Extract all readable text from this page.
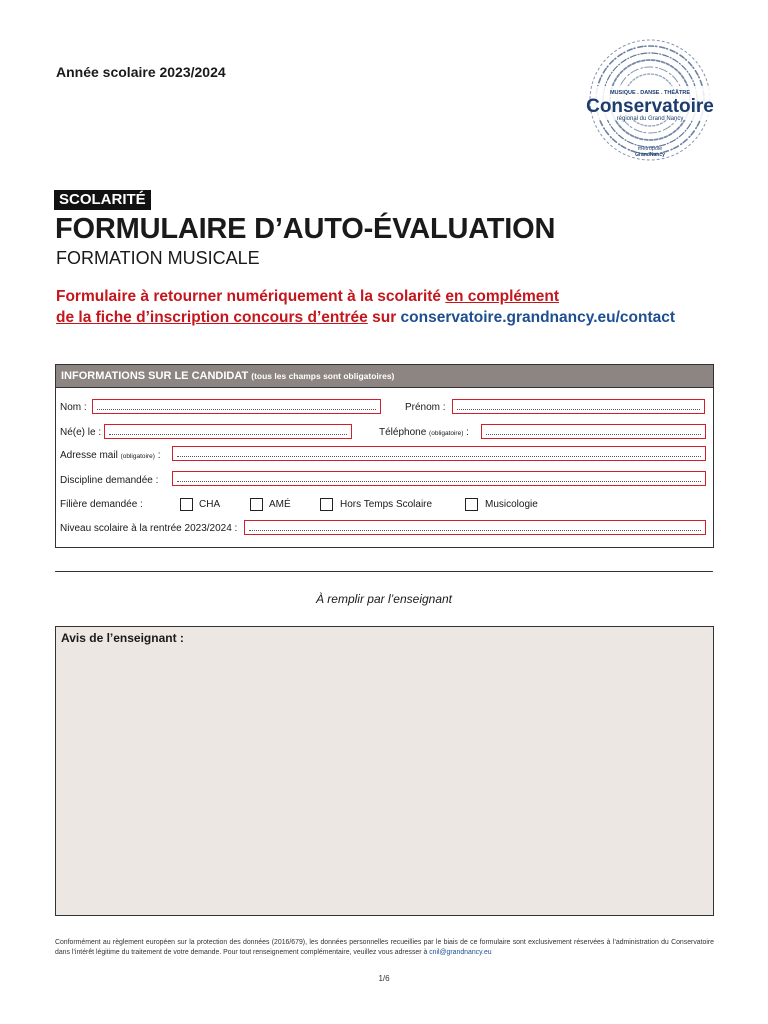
Année scolaire 2023/2024
MUSIQUE . DANSE . THÉÂTRE
Conservatoire
régional du Grand Nancy
métropole
GrandNancy
SCOLARITÉ
FORMULAIRE D’AUTO-ÉVALUATION
FORMATION MUSICALE
Formulaire à retourner numériquement à la scolarité en complément
de la fiche d’inscription concours d’entrée sur conservatoire.grandnancy.eu/contact
INFORMATIONS SUR LE CANDIDAT (tous les champs sont obligatoires)
Nom :	Prénom :
Né(e) le :	Téléphone (obligatoire) :
Adresse mail (obligatoire) :
Discipline demandée :
Filière demandée :	CHA	AMÉ	Hors Temps Scolaire	Musicologie
Niveau scolaire à la rentrée 2023/2024 :
À remplir par l’enseignant
Avis de l’enseignant :
Conformément au règlement européen sur la protection des données (2016/679), les données personnelles recueillies par le biais de ce formulaire sont exclusivement réservées à l’administration du Conservatoire dans l’intérêt légitime du traitement de votre demande. Pour tout renseignement complémentaire, veuillez vous adresser à cnil@grandnancy.eu
1/6
